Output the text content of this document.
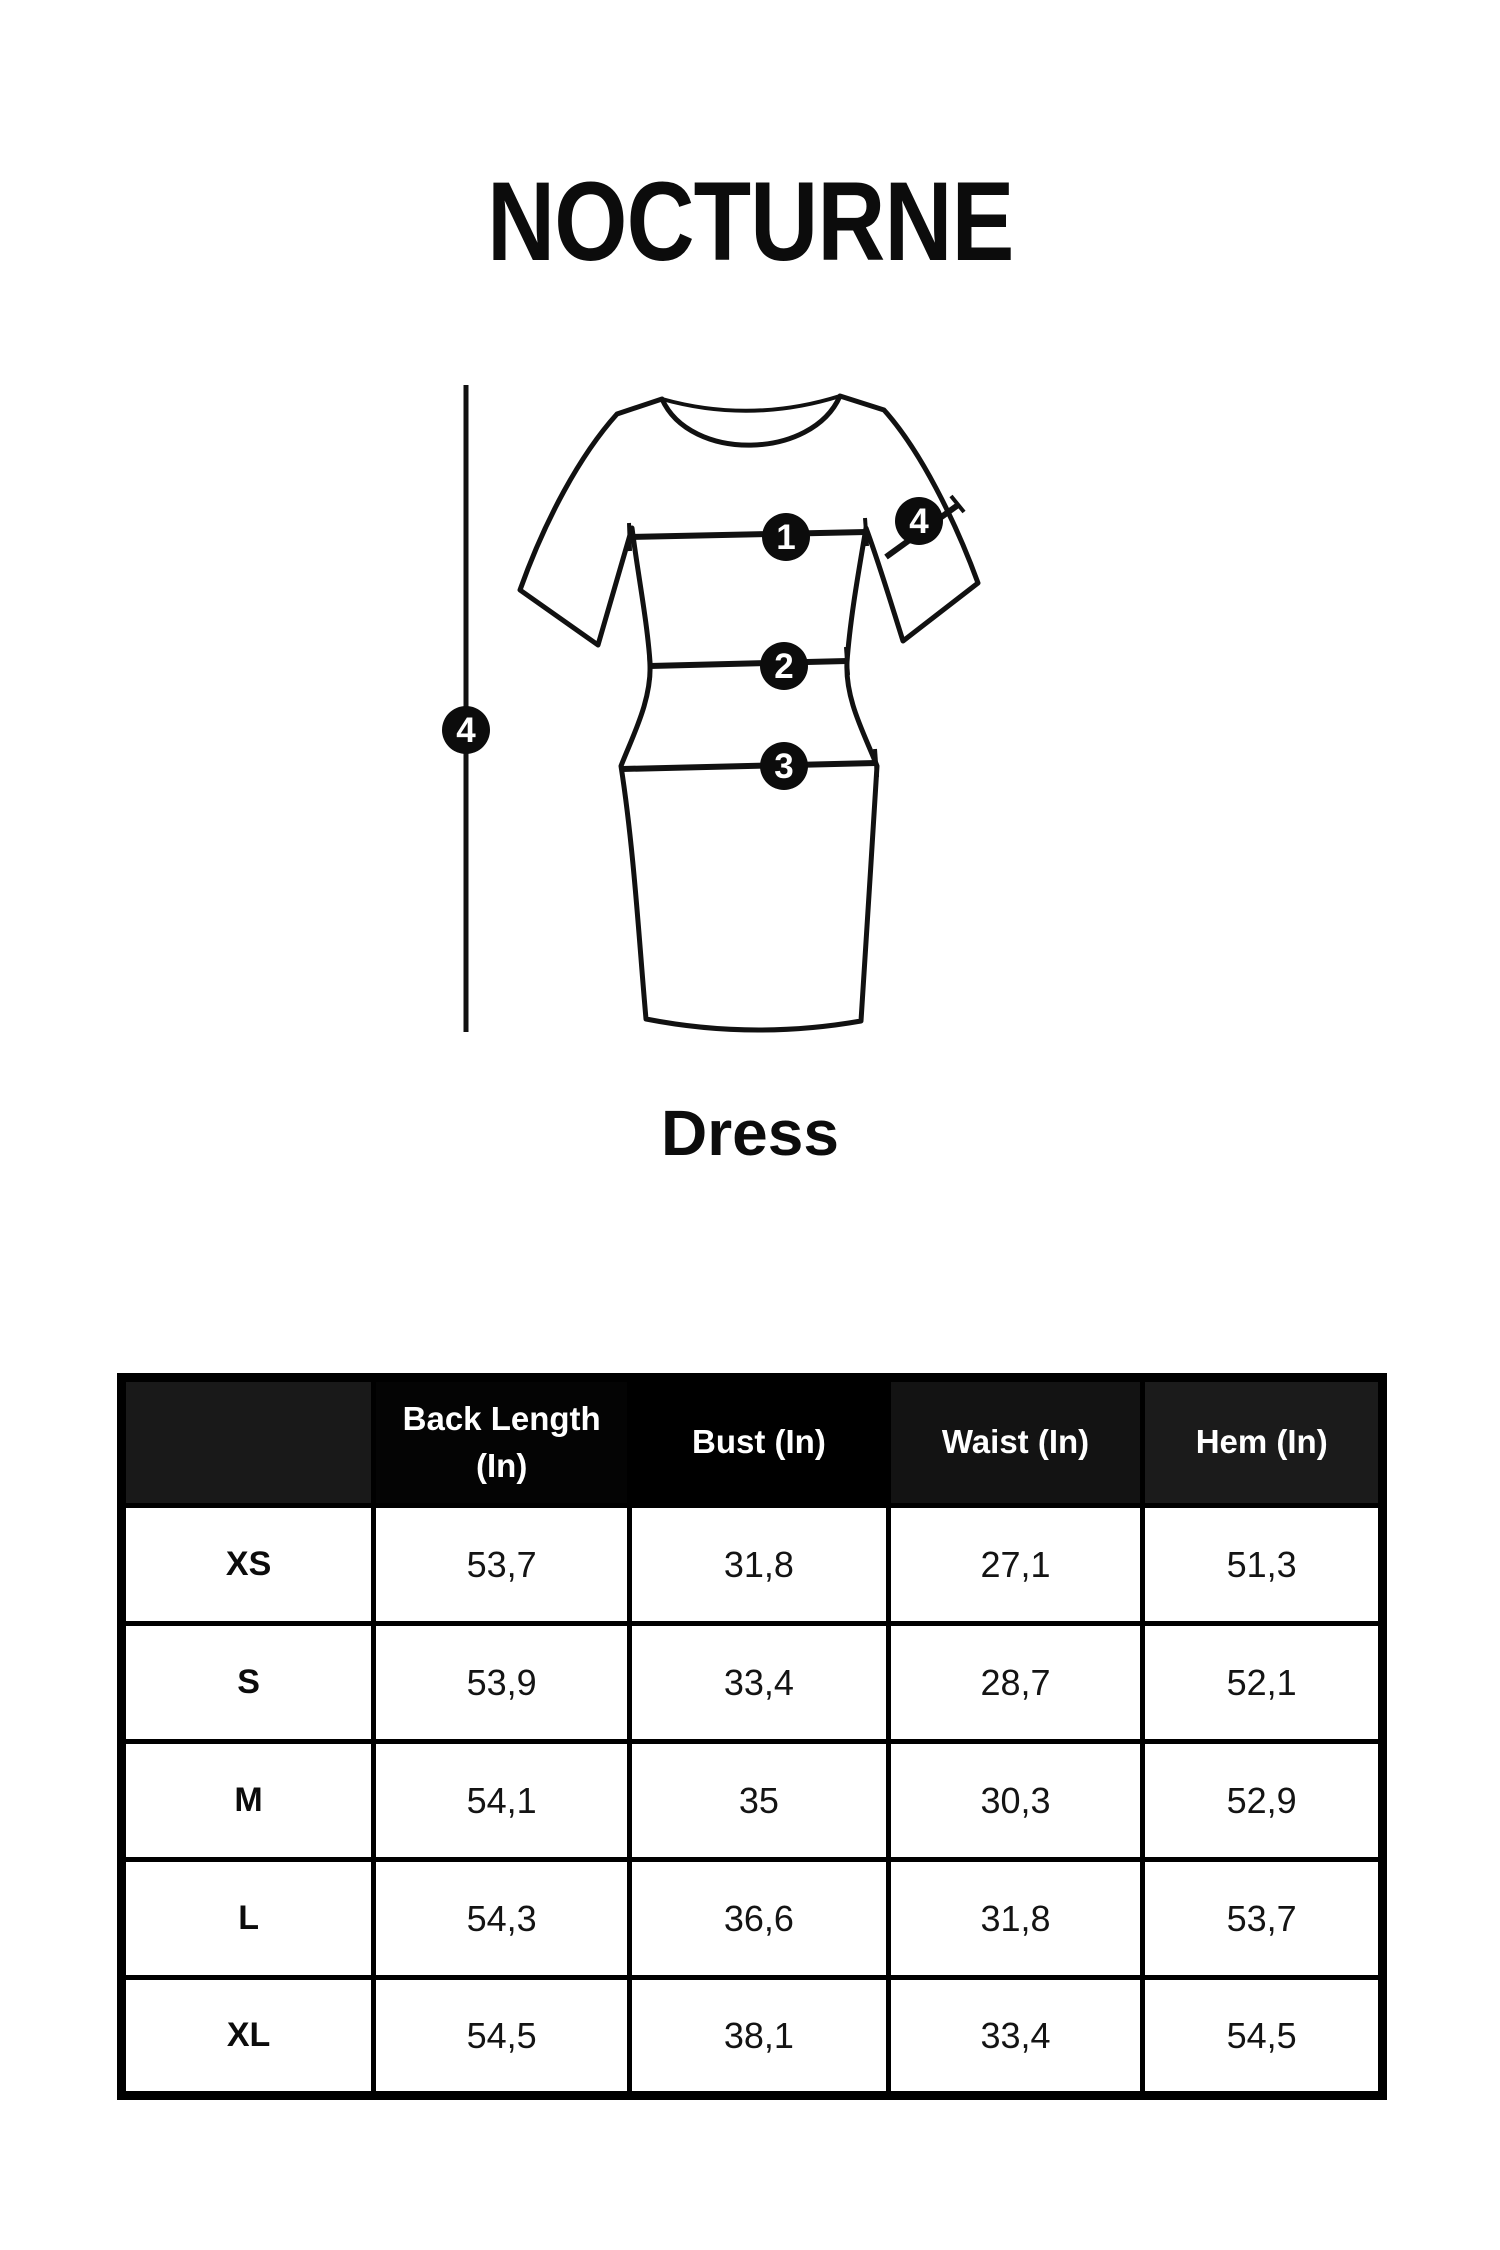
NOCTURNE
1
2
3
4
4
Dress
	Back Length (In)	Bust (In)	Waist (In)	Hem (In)
XS	53,7	31,8	27,1	51,3
S	53,9	33,4	28,7	52,1
M	54,1	35	30,3	52,9
L	54,3	36,6	31,8	53,7
XL	54,5	38,1	33,4	54,5
